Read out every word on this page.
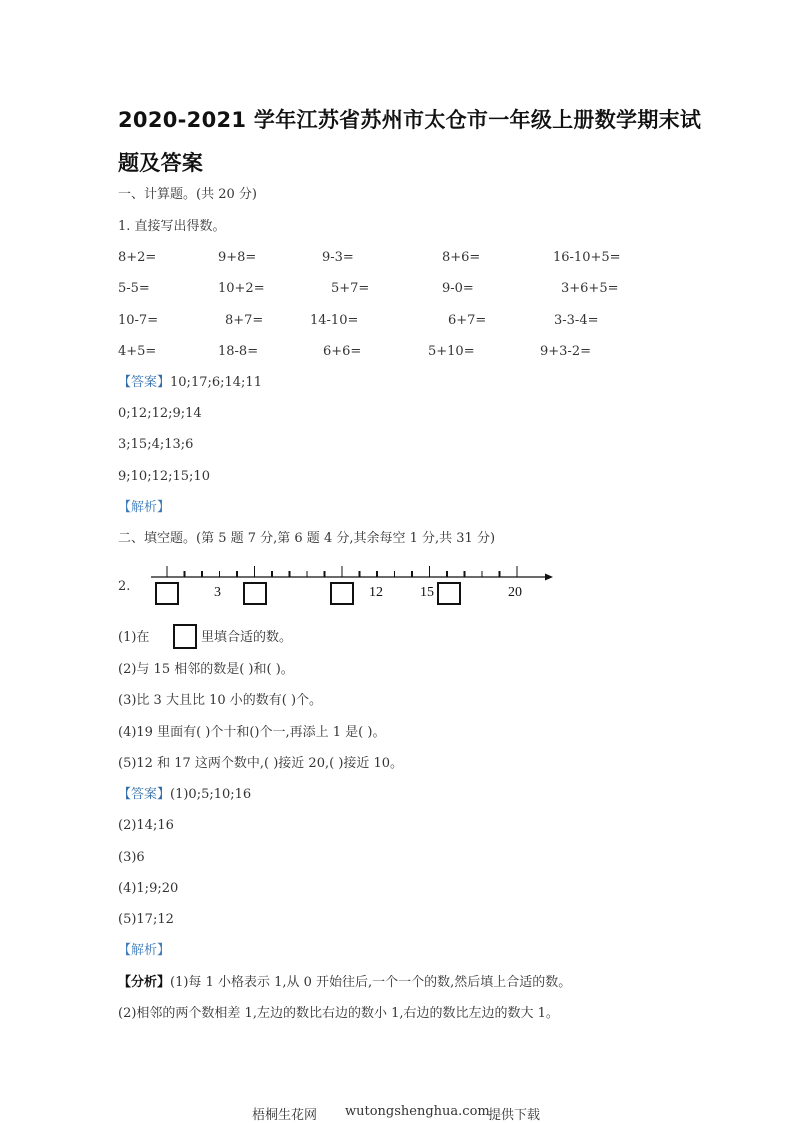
2020-2021 学年江苏省苏州市太仓市一年级上册数学期末试
题及答案
一、计算题。(共 20 分)
1. 直接写出得数。
8+2=	9+8=	9-3=	8+6=	16-10+5=
5-5=	10+2=	5+7=	9-0=	3+6+5=
10-7=	8+7=	14-10=	6+7=	3-3-4=
4+5=	18-8=	6+6=	5+10=	9+3-2=
【答案】10;17;6;14;11
0;12;12;9;14
3;15;4;13;6
9;10;12;15;10
【解析】
二、填空题。(第 5 题 7 分,第 6 题 4 分,其余每空 1 分,共 31 分)
2.	3	12	15	20
(1)在	里填合适的数。
(2)与 15 相邻的数是( )和( )。
(3)比 3 大且比 10 小的数有( )个。
(4)19 里面有( )个十和()个一,再添上 1 是( )。
(5)12 和 17 这两个数中,( )接近 20,( )接近 10。
【答案】(1)0;5;10;16
(2)14;16
(3)6
(4)1;9;20
(5)17;12
【解析】
【分析】(1)每 1 小格表示 1,从 0 开始往后,一个一个的数,然后填上合适的数。
(2)相邻的两个数相差 1,左边的数比右边的数小 1,右边的数比左边的数大 1。
梧桐生花网 wutongshenghua.com
提供下载
